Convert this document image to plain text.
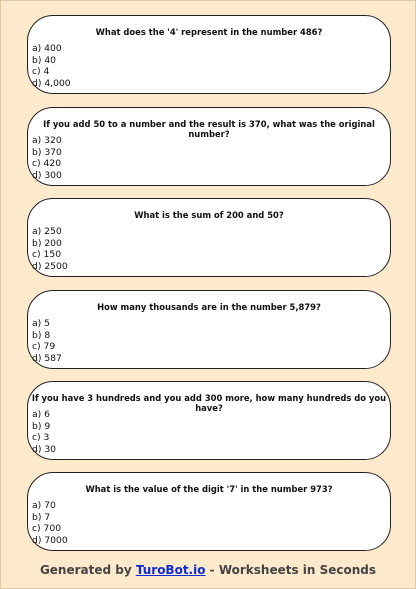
What does the '4' represent in the number 486?
a) 400
b) 40
c) 4
d) 4,000
If you add 50 to a number and the result is 370, what was the original number?
a) 320
b) 370
c) 420
d) 300
What is the sum of 200 and 50?
a) 250
b) 200
c) 150
d) 2500
How many thousands are in the number 5,879?
a) 5
b) 8
c) 79
d) 587
If you have 3 hundreds and you add 300 more, how many hundreds do you have?
a) 6
b) 9
c) 3
d) 30
What is the value of the digit '7' in the number 973?
a) 70
b) 7
c) 700
d) 7000
Generated by TuroBot.io - Worksheets in Seconds
